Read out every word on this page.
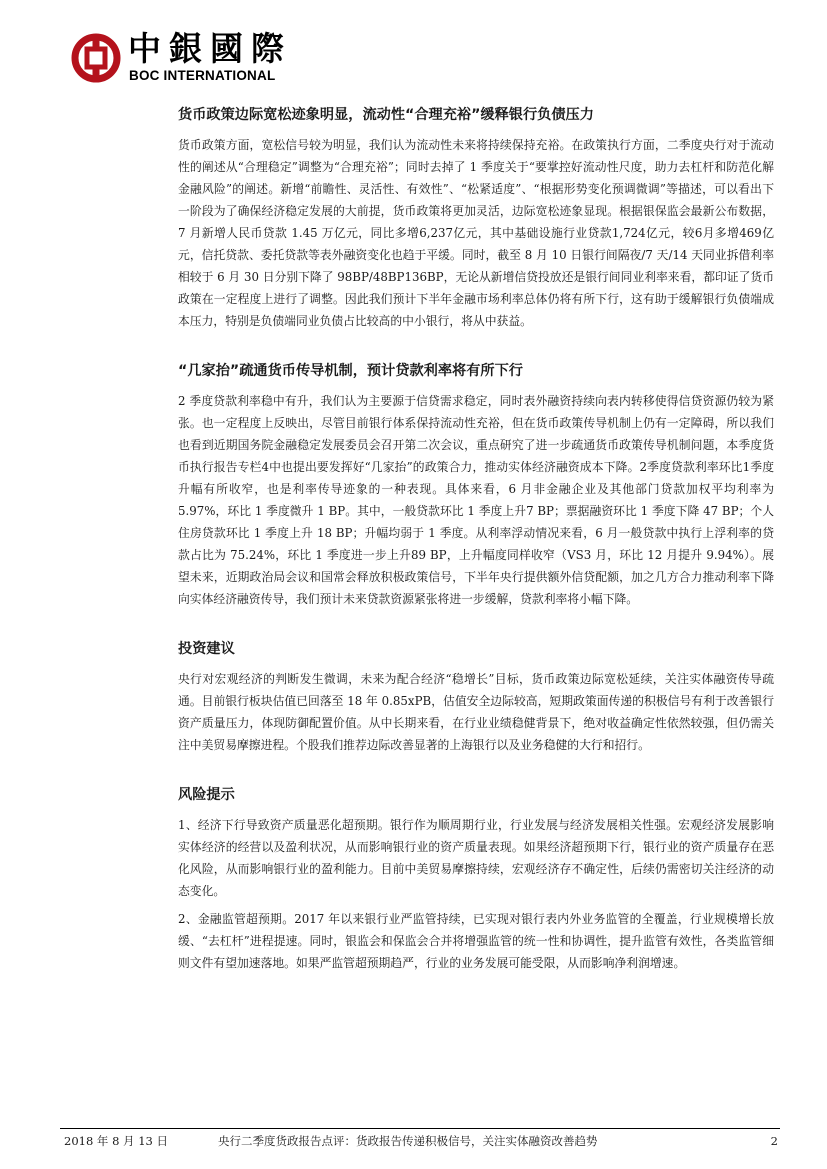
中銀國際
BOC INTERNATIONAL
货币政策边际宽松迹象明显，流动性“合理充裕”缓释银行负债压力

货币政策方面，宽松信号较为明显，我们认为流动性未来将持续保持充裕。在政策执行方面，二季度央行对于流动性的阐述从“合理稳定”调整为“合理充裕”；同时去掉了 1 季度关于“要掌控好流动性尺度，助力去杠杆和防范化解金融风险”的阐述。新增“前瞻性、灵活性、有效性”、“松紧适度”、“根据形势变化预调微调”等描述，可以看出下一阶段为了确保经济稳定发展的大前提，货币政策将更加灵活，边际宽松迹象显现。根据银保监会最新公布数据，7 月新增人民币贷款 1.45 万亿元，同比多增6,237亿元，其中基础设施行业贷款1,724亿元，较6月多增469亿元，信托贷款、委托贷款等表外融资变化也趋于平缓。同时，截至 8 月 10 日银行间隔夜/7 天/14 天同业拆借利率相较于 6 月 30 日分别下降了 98BP/48BP136BP，无论从新增信贷投放还是银行间同业利率来看，都印证了货币政策在一定程度上进行了调整。因此我们预计下半年金融市场利率总体仍将有所下行，这有助于缓解银行负债端成本压力，特别是负债端同业负债占比较高的中小银行，将从中获益。

“几家抬”疏通货币传导机制，预计贷款利率将有所下行

2 季度贷款利率稳中有升，我们认为主要源于信贷需求稳定，同时表外融资持续向表内转移使得信贷资源仍较为紧张。也一定程度上反映出，尽管目前银行体系保持流动性充裕，但在货币政策传导机制上仍有一定障碍，所以我们也看到近期国务院金融稳定发展委员会召开第二次会议，重点研究了进一步疏通货币政策传导机制问题，本季度货币执行报告专栏4中也提出要发挥好“几家抬”的政策合力，推动实体经济融资成本下降。2季度贷款利率环比1季度升幅有所收窄，也是利率传导迹象的一种表现。具体来看，6 月非金融企业及其他部门贷款加权平均利率为 5.97%，环比 1 季度微升 1 BP。其中，一般贷款环比 1 季度上升7 BP；票据融资环比 1 季度下降 47 BP；个人住房贷款环比 1 季度上升 18 BP；升幅均弱于 1 季度。从利率浮动情况来看，6 月一般贷款中执行上浮利率的贷款占比为 75.24%，环比 1 季度进一步上升89 BP，上升幅度同样收窄（VS3 月，环比 12 月提升 9.94%）。展望未来，近期政治局会议和国常会释放积极政策信号，下半年央行提供额外信贷配额，加之几方合力推动利率下降向实体经济融资传导，我们预计未来贷款资源紧张将进一步缓解，贷款利率将小幅下降。

投资建议

央行对宏观经济的判断发生微调，未来为配合经济“稳增长”目标，货币政策边际宽松延续，关注实体融资传导疏通。目前银行板块估值已回落至 18 年 0.85xPB，估值安全边际较高，短期政策面传递的积极信号有利于改善银行资产质量压力，体现防御配置价值。从中长期来看，在行业业绩稳健背景下，绝对收益确定性依然较强，但仍需关注中美贸易摩擦进程。个股我们推荐边际改善显著的上海银行以及业务稳健的大行和招行。

风险提示

1、经济下行导致资产质量恶化超预期。银行作为顺周期行业，行业发展与经济发展相关性强。宏观经济发展影响实体经济的经营以及盈利状况，从而影响银行业的资产质量表现。如果经济超预期下行，银行业的资产质量存在恶化风险，从而影响银行业的盈利能力。目前中美贸易摩擦持续，宏观经济存不确定性，后续仍需密切关注经济的动态变化。

2、金融监管超预期。2017 年以来银行业严监管持续，已实现对银行表内外业务监管的全覆盖，行业规模增长放缓、“去杠杆”进程提速。同时，银监会和保监会合并将增强监管的统一性和协调性，提升监管有效性，各类监管细则文件有望加速落地。如果严监管超预期趋严，行业的业务发展可能受限，从而影响净利润增速。

2018 年 8 月 13 日	央行二季度货政报告点评：货政报告传递积极信号，关注实体融资改善趋势	2
